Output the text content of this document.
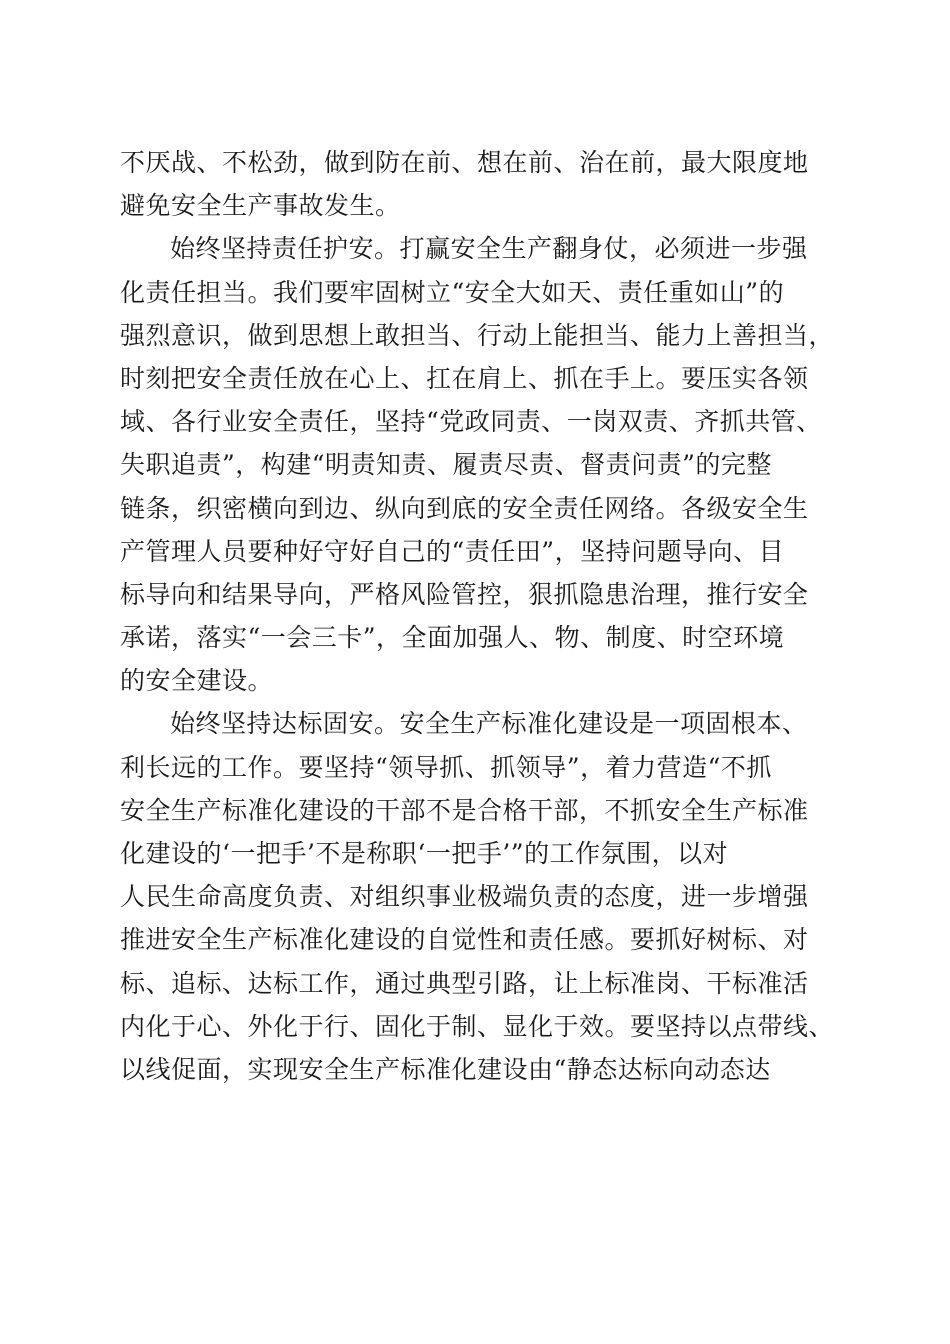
不厌战、不松劲，做到防在前、想在前、治在前，最大限度地
避免安全生产事故发生。
始终坚持责任护安。打赢安全生产翻身仗，必须进一步强
化责任担当。我们要牢固树立“安全大如天、责任重如山”的
强烈意识，做到思想上敢担当、行动上能担当、能力上善担当，
时刻把安全责任放在心上、扛在肩上、抓在手上。要压实各领
域、各行业安全责任，坚持“党政同责、一岗双责、齐抓共管、
失职追责”，构建“明责知责、履责尽责、督责问责”的完整
链条，织密横向到边、纵向到底的安全责任网络。各级安全生
产管理人员要种好守好自己的“责任田”，坚持问题导向、目
标导向和结果导向，严格风险管控，狠抓隐患治理，推行安全
承诺，落实“一会三卡”，全面加强人、物、制度、时空环境
的安全建设。
始终坚持达标固安。安全生产标准化建设是一项固根本、
利长远的工作。要坚持“领导抓、抓领导”，着力营造“不抓
安全生产标准化建设的干部不是合格干部，不抓安全生产标准
化建设的‘一把手’不是称职‘一把手’”的工作氛围，以对
人民生命高度负责、对组织事业极端负责的态度，进一步增强
推进安全生产标准化建设的自觉性和责任感。要抓好树标、对
标、追标、达标工作，通过典型引路，让上标准岗、干标准活
内化于心、外化于行、固化于制、显化于效。要坚持以点带线、
以线促面，实现安全生产标准化建设由“静态达标向动态达
